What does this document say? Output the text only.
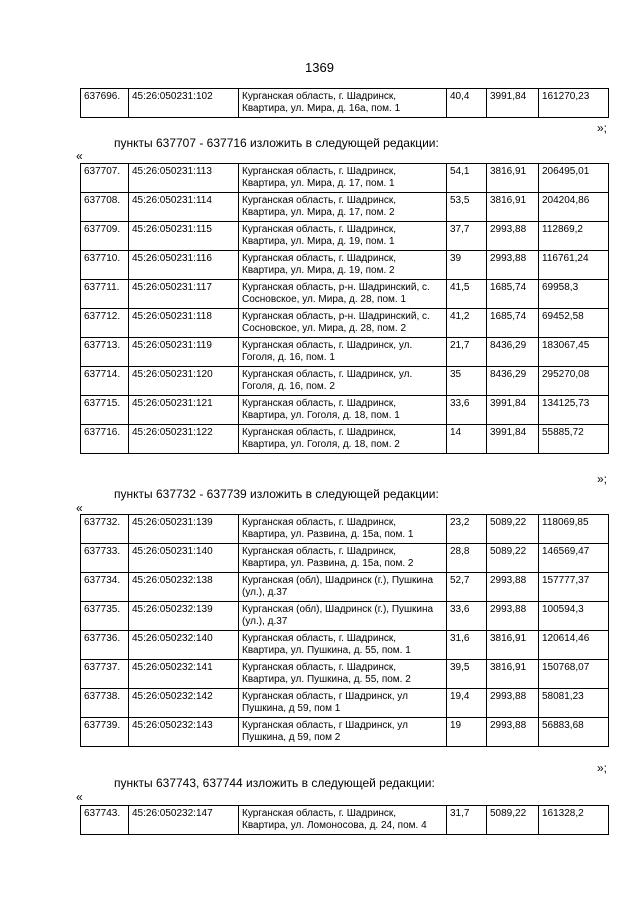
1369
637696.	45:26:050231:102	Курганская область, г. Шадринск, Квартира, ул. Мира, д. 16а, пом. 1	40,4	3991,84	161270,23
»;
пункты 637707 - 637716 изложить в следующей редакции:
«
637707.	45:26:050231:113	Курганская область, г. Шадринск, Квартира, ул. Мира, д. 17, пом. 1	54,1	3816,91	206495,01
637708.	45:26:050231:114	Курганская область, г. Шадринск, Квартира, ул. Мира, д. 17, пом. 2	53,5	3816,91	204204,86
637709.	45:26:050231:115	Курганская область, г. Шадринск, Квартира, ул. Мира, д. 19, пом. 1	37,7	2993,88	112869,2
637710.	45:26:050231:116	Курганская область, г. Шадринск, Квартира, ул. Мира, д. 19, пом. 2	39	2993,88	116761,24
637711.	45:26:050231:117	Курганская область, р-н. Шадринский, с. Сосновское, ул. Мира, д. 28, пом. 1	41,5	1685,74	69958,3
637712.	45:26:050231:118	Курганская область, р-н. Шадринский, с. Сосновское, ул. Мира, д. 28, пом. 2	41,2	1685,74	69452,58
637713.	45:26:050231:119	Курганская область, г. Шадринск, ул. Гоголя, д. 16, пом. 1	21,7	8436,29	183067,45
637714.	45:26:050231:120	Курганская область, г. Шадринск, ул. Гоголя, д. 16, пом. 2	35	8436,29	295270,08
637715.	45:26:050231:121	Курганская область, г. Шадринск, Квартира, ул. Гоголя, д. 18, пом. 1	33,6	3991,84	134125,73
637716.	45:26:050231:122	Курганская область, г. Шадринск, Квартира, ул. Гоголя, д. 18, пом. 2	14	3991,84	55885,72
»;
пункты 637732 - 637739 изложить в следующей редакции:
«
637732.	45:26:050231:139	Курганская область, г. Шадринск, Квартира, ул. Развина, д. 15а, пом. 1	23,2	5089,22	118069,85
637733.	45:26:050231:140	Курганская область, г. Шадринск, Квартира, ул. Развина, д. 15а, пом. 2	28,8	5089,22	146569,47
637734.	45:26:050232:138	Курганская (обл), Шадринск (г.), Пушкина (ул.), д.37	52,7	2993,88	157777,37
637735.	45:26:050232:139	Курганская (обл), Шадринск (г.), Пушкина (ул.), д.37	33,6	2993,88	100594,3
637736.	45:26:050232:140	Курганская область, г. Шадринск, Квартира, ул. Пушкина, д. 55, пом. 1	31,6	3816,91	120614,46
637737.	45:26:050232:141	Курганская область, г. Шадринск, Квартира, ул. Пушкина, д. 55, пом. 2	39,5	3816,91	150768,07
637738.	45:26:050232:142	Курганская область, г Шадринск, ул Пушкина, д 59, пом 1	19,4	2993,88	58081,23
637739.	45:26:050232:143	Курганская область, г Шадринск, ул Пушкина, д 59, пом 2	19	2993,88	56883,68
»;
пункты 637743, 637744 изложить в следующей редакции:
«
637743.	45:26:050232:147	Курганская область, г. Шадринск, Квартира, ул. Ломоносова, д. 24, пом. 4	31,7	5089,22	161328,2
